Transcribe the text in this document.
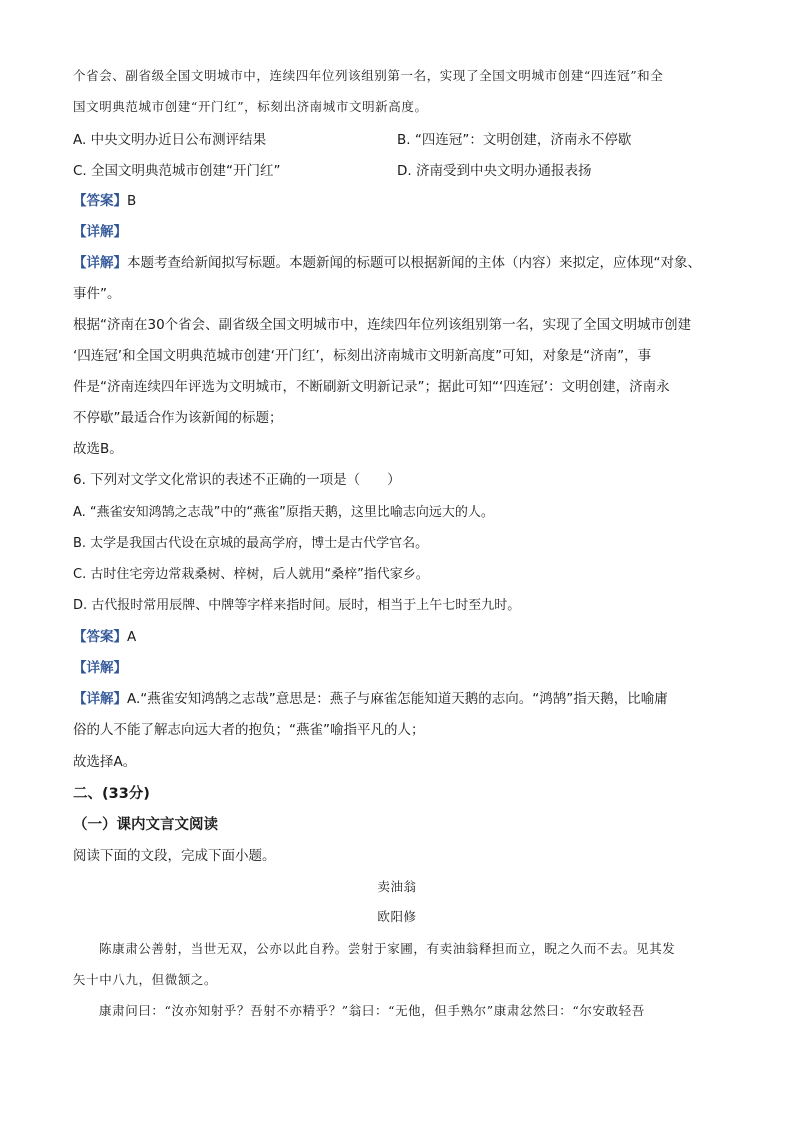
个省会、副省级全国文明城市中，连续四年位列该组别第一名，实现了全国文明城市创建“四连冠”和全
国文明典范城市创建“开门红”，标刻出济南城市文明新高度。
A. 中央文明办近日公布测评结果	B. “四连冠”：文明创建，济南永不停歇
C. 全国文明典范城市创建“开门红”	D. 济南受到中央文明办通报表扬
【答案】B
【详解】
【详解】本题考查给新闻拟写标题。本题新闻的标题可以根据新闻的主体（内容）来拟定，应体现“对象、
事件”。
根据“济南在30个省会、副省级全国文明城市中，连续四年位列该组别第一名，实现了全国文明城市创建
‘四连冠’和全国文明典范城市创建‘开门红’，标刻出济南城市文明新高度”可知，对象是“济南”，事
件是“济南连续四年评选为文明城市，不断刷新文明新记录”；据此可知“‘四连冠’：文明创建，济南永
不停歇”最适合作为该新闻的标题；
故选B。
6. 下列对文学文化常识的表述不正确的一项是（　　）
A. “燕雀安知鸿鹄之志哉”中的“燕雀”原指天鹅，这里比喻志向远大的人。
B. 太学是我国古代设在京城的最高学府，博士是古代学官名。
C. 古时住宅旁边常栽桑树、梓树，后人就用“桑梓”指代家乡。
D. 古代报时常用辰牌、中牌等字样来指时间。辰时，相当于上午七时至九时。
【答案】A
【详解】
【详解】A.“燕雀安知鸿鹄之志哉”意思是：燕子与麻雀怎能知道天鹅的志向。“鸿鹄”指天鹅，比喻庸
俗的人不能了解志向远大者的抱负；“燕雀”喻指平凡的人；
故选择A。
二、(33分)
（一）课内文言文阅读
阅读下面的文段，完成下面小题。
卖油翁
欧阳修
陈康肃公善射，当世无双，公亦以此自矜。尝射于家圃，有卖油翁释担而立，睨之久而不去。见其发
矢十中八九，但微颔之。
康肃问曰：“汝亦知射乎？吾射不亦精乎？”翁曰：“无他，但手熟尔”康肃忿然曰：“尔安敢轻吾
